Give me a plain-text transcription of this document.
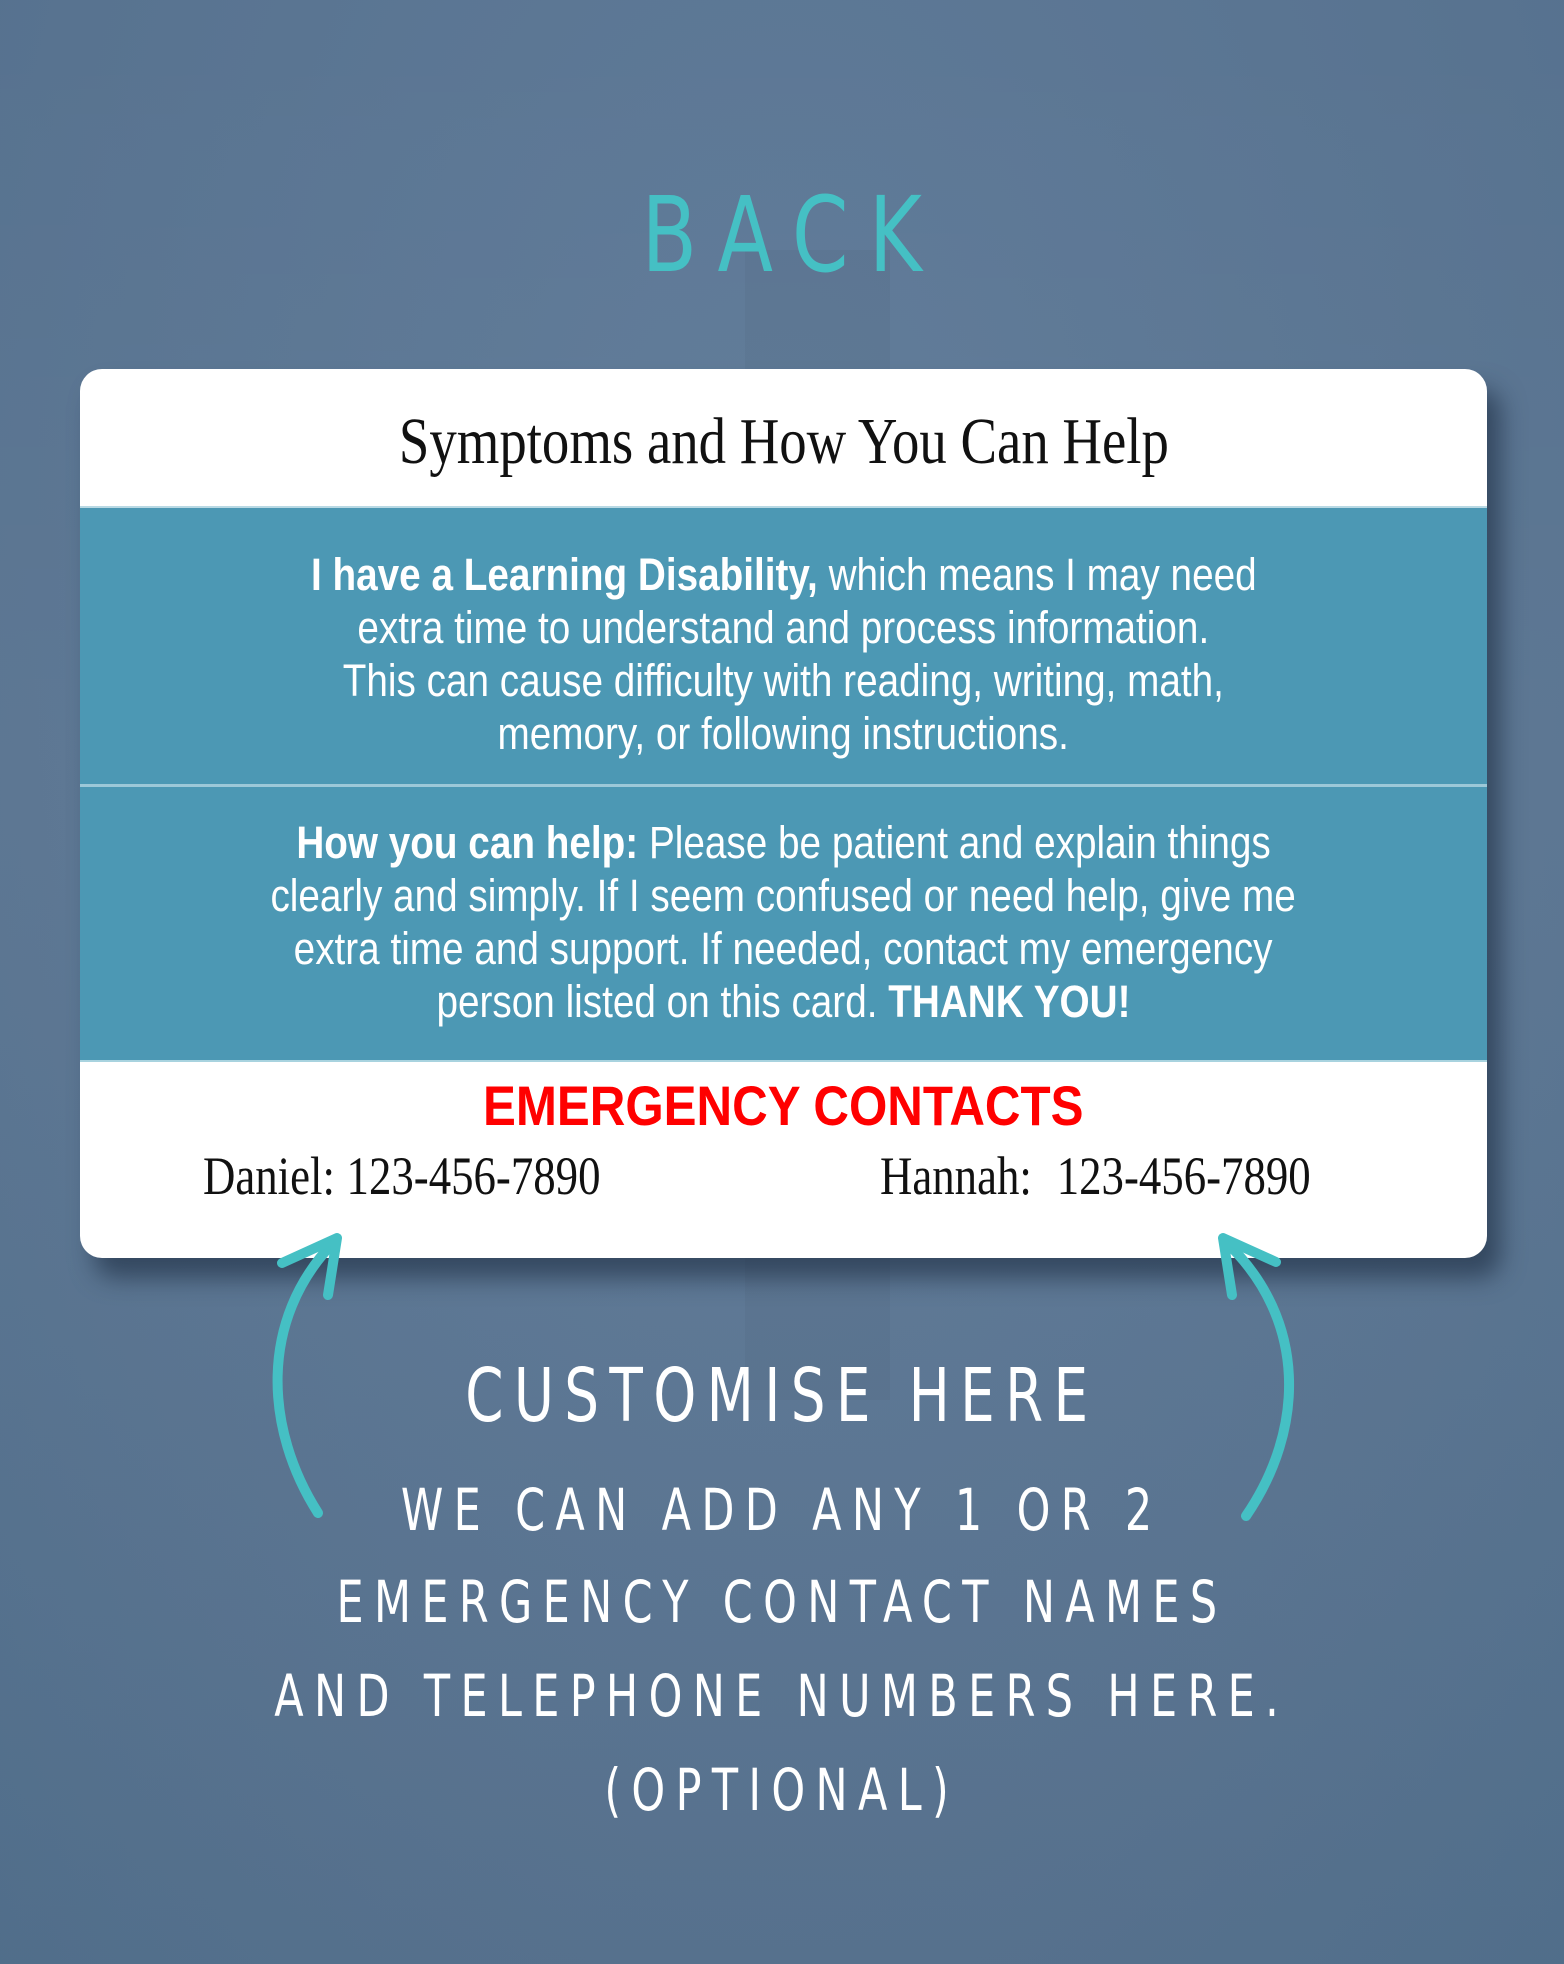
BACK
Symptoms and How You Can Help
I have a Learning Disability, which means I may need
extra time to understand and process information.
This can cause difficulty with reading, writing, math,
memory, or following instructions.
How you can help: Please be patient and explain things
clearly and simply. If I seem confused or need help, give me
extra time and support. If needed, contact my emergency
person listed on this card. THANK YOU!
EMERGENCY CONTACTS
Daniel: 123-456-7890	Hannah: 123-456-7890
CUSTOMISE HERE
WE CAN ADD ANY 1 OR 2
EMERGENCY CONTACT NAMES
AND TELEPHONE NUMBERS HERE.
(OPTIONAL)
